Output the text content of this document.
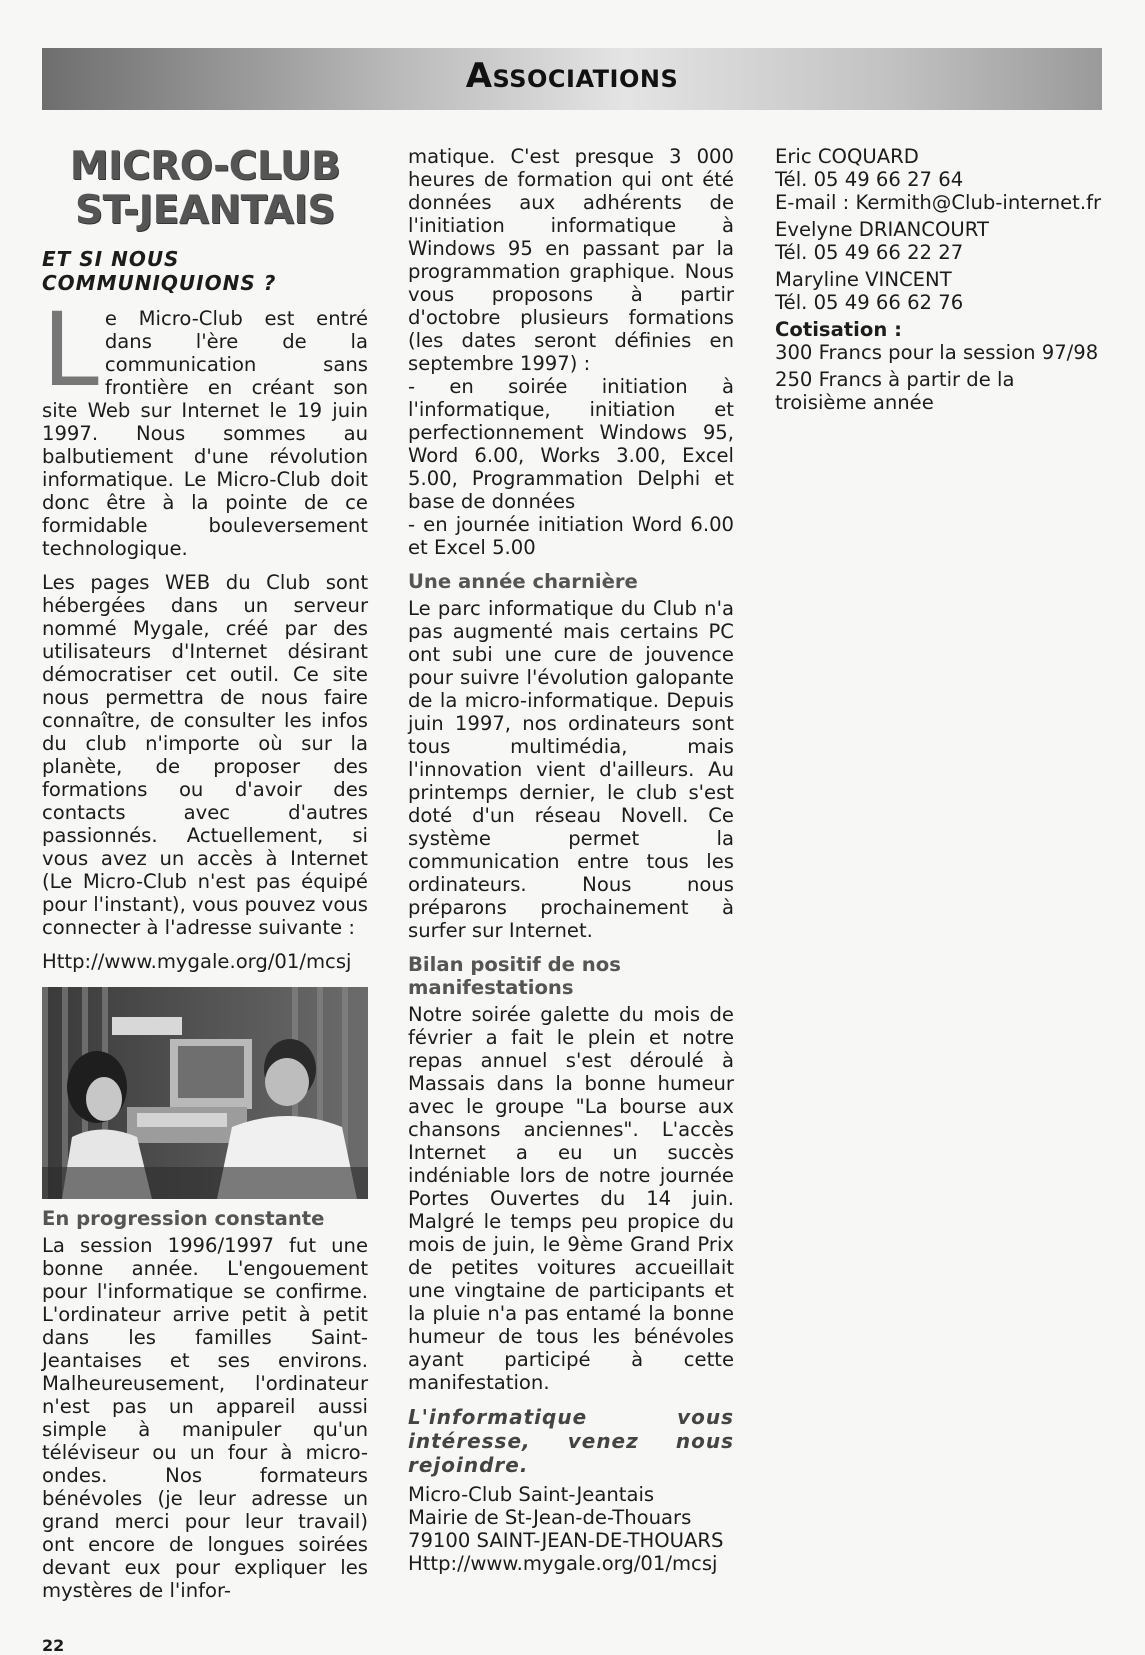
Associations
MICRO-CLUB ST-JEANTAIS
ET SI NOUS COMMUNIQUIONS ?

Le Micro-Club est entré dans l'ère de la communication sans frontière en créant son site Web sur Internet le 19 juin 1997. Nous sommes au balbutiement d'une révolution informatique. Le Micro-Club doit donc être à la pointe de ce formidable bouleversement technologique.

Les pages WEB du Club sont hébergées dans un serveur nommé Mygale, créé par des utilisateurs d'Internet désirant démocratiser cet outil. Ce site nous permettra de nous faire connaître, de consulter les infos du club n'importe où sur la planète, de proposer des formations ou d'avoir des contacts avec d'autres passionnés. Actuellement, si vous avez un accès à Internet (Le Micro-Club n'est pas équipé pour l'instant), vous pouvez vous connecter à l'adresse suivante :

Http://www.mygale.org/01/mcsj
En progression constante

La session 1996/1997 fut une bonne année. L'engouement pour l'informatique se confirme. L'ordinateur arrive petit à petit dans les familles Saint-Jeantaises et ses environs. Malheureusement, l'ordinateur n'est pas un appareil aussi simple à manipuler qu'un téléviseur ou un four à micro-ondes. Nos formateurs bénévoles (je leur adresse un grand merci pour leur travail) ont encore de longues soirées devant eux pour expliquer les mystères de l'infor-

matique. C'est presque 3 000 heures de formation qui ont été données aux adhérents de l'initiation informatique à Windows 95 en passant par la programmation graphique. Nous vous proposons à partir d'octobre plusieurs formations (les dates seront définies en septembre 1997) :

- en soirée initiation à l'informatique, initiation et perfectionnement Windows 95, Word 6.00, Works 3.00, Excel 5.00, Programmation Delphi et base de données

- en journée initiation Word 6.00 et Excel 5.00

Une année charnière

Le parc informatique du Club n'a pas augmenté mais certains PC ont subi une cure de jouvence pour suivre l'évolution galopante de la micro-informatique. Depuis juin 1997, nos ordinateurs sont tous multimédia, mais l'innovation vient d'ailleurs. Au printemps dernier, le club s'est doté d'un réseau Novell. Ce système permet la communication entre tous les ordinateurs. Nous nous préparons prochainement à surfer sur Internet.

Bilan positif de nos manifestations

Notre soirée galette du mois de février a fait le plein et notre repas annuel s'est déroulé à Massais dans la bonne humeur avec le groupe "La bourse aux chansons anciennes". L'accès Internet a eu un succès indéniable lors de notre journée Portes Ouvertes du 14 juin. Malgré le temps peu propice du mois de juin, le 9ème Grand Prix de petites voitures accueillait une vingtaine de participants et la pluie n'a pas entamé la bonne humeur de tous les bénévoles ayant participé à cette manifestation.

L'informatique vous intéresse, venez nous rejoindre.
Micro-Club Saint-Jeantais
Mairie de St-Jean-de-Thouars
79100 SAINT-JEAN-DE-THOUARS
Http://www.mygale.org/01/mcsj
Eric COQUARD
Tél. 05 49 66 27 64
E-mail : Kermith@Club-internet.fr
Evelyne DRIANCOURT
Tél. 05 49 66 22 27
Maryline VINCENT
Tél. 05 49 66 62 76
Cotisation :
300 Francs pour la session 97/98
250 Francs à partir de la troisième année
22
